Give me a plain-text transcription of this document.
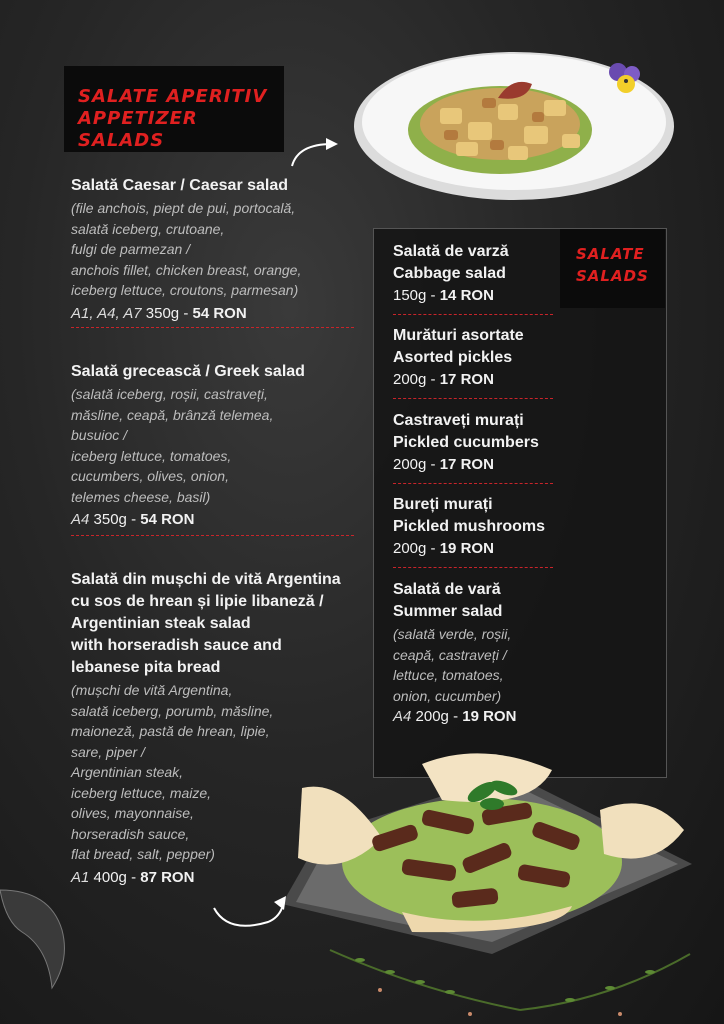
SALATE APERITIV
APPETIZER SALADS

Salată Caesar / Caesar salad

(file anchois, piept de pui, portocală,
salată iceberg, crutoane,
fulgi de parmezan /
anchois fillet, chicken breast, orange,
iceberg lettuce, croutons, parmesan)

A1, A4, A7 350g - 54 RON

Salată grecească / Greek salad

(salată iceberg, roșii, castraveți,
măsline, ceapă, brânză telemea,
busuioc /
iceberg lettuce, tomatoes,
cucumbers, olives, onion,
telemes cheese, basil)

A4 350g - 54 RON

Salată din mușchi de vită Argentina
cu sos de hrean și lipie libaneză /
Argentinian steak salad
with horseradish sauce and
lebanese pita bread

(mușchi de vită Argentina,
salată iceberg, porumb, măsline,
maioneză, pastă de hrean, lipie,
sare, piper /
Argentinian steak,
iceberg lettuce, maize,
olives, mayonnaise,
horseradish sauce,
flat bread, salt, pepper)

A1 400g - 87 RON

SALATE
SALADS

Salată de varză

Cabbage salad

150g - 14 RON

Murături asortate

Asorted pickles

200g - 17 RON

Castraveți murați

Pickled cucumbers

200g - 17 RON

Bureți murați

Pickled mushrooms

200g - 19 RON

Salată de vară

Summer salad

(salată verde, roșii,
ceapă, castraveți /
lettuce, tomatoes,
onion, cucumber)

A4 200g - 19 RON
